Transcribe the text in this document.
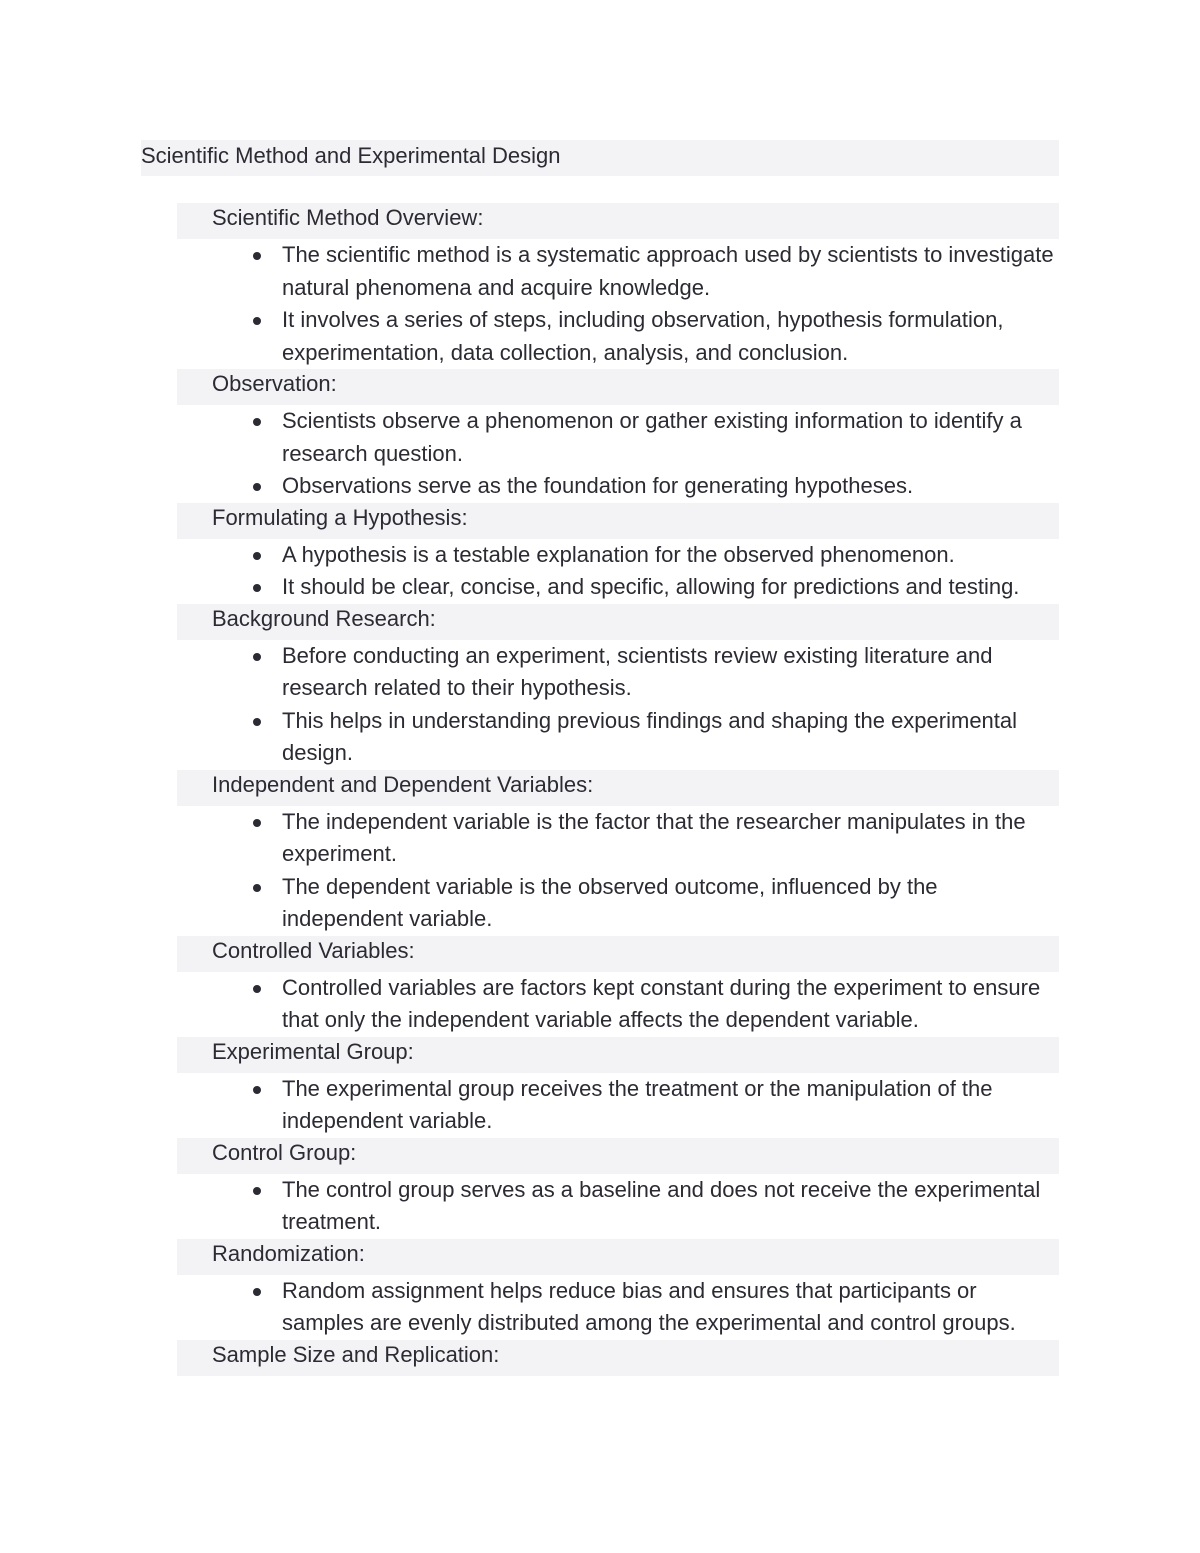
Scientific Method and Experimental Design
Scientific Method Overview:
The scientific method is a systematic approach used by scientists to investigate natural phenomena and acquire knowledge.
It involves a series of steps, including observation, hypothesis formulation, experimentation, data collection, analysis, and conclusion.
Observation:
Scientists observe a phenomenon or gather existing information to identify a research question.
Observations serve as the foundation for generating hypotheses.
Formulating a Hypothesis:
A hypothesis is a testable explanation for the observed phenomenon.
It should be clear, concise, and specific, allowing for predictions and testing.
Background Research:
Before conducting an experiment, scientists review existing literature and research related to their hypothesis.
This helps in understanding previous findings and shaping the experimental design.
Independent and Dependent Variables:
The independent variable is the factor that the researcher manipulates in the experiment.
The dependent variable is the observed outcome, influenced by the independent variable.
Controlled Variables:
Controlled variables are factors kept constant during the experiment to ensure that only the independent variable affects the dependent variable.
Experimental Group:
The experimental group receives the treatment or the manipulation of the independent variable.
Control Group:
The control group serves as a baseline and does not receive the experimental treatment.
Randomization:
Random assignment helps reduce bias and ensures that participants or samples are evenly distributed among the experimental and control groups.
Sample Size and Replication:
